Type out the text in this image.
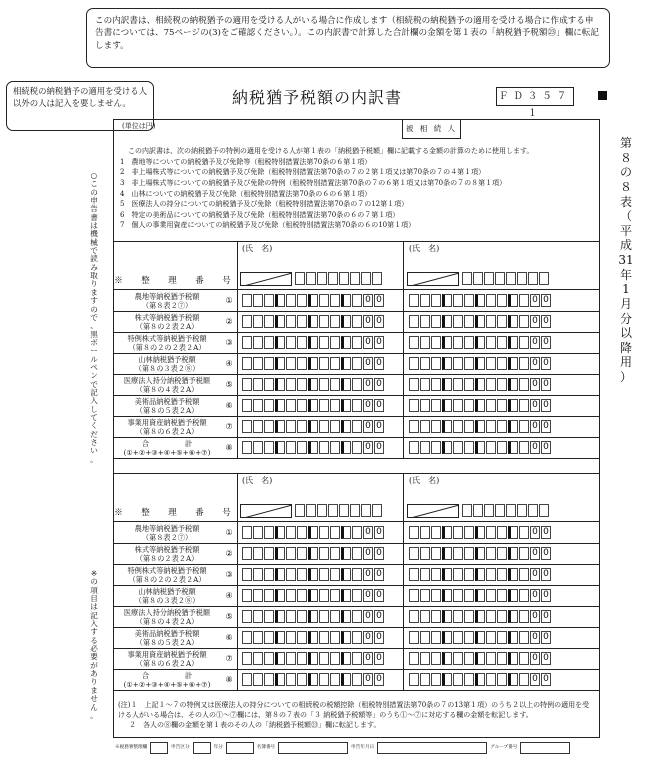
この内訳書は、相続税の納税猶予の適用を受ける人がいる場合に作成します（相続税の納税猶予の適用を受ける場合に作成する申告書については、75ページの(3)をご確認ください。）。この内訳書で計算した合計欄の金額を第１表の「納税猶予税額㉓」欄に転記します。
相続税の納税猶予の適用を受ける人以外の人は記入を要しません。	納税猶予税額の内訳書	ＦＤ３５７１
第
８
の
８
表
（
平
成
31
年
1
月
分
以
降
用
）
○
こ
の
申
告
書
は
機
械
で
読
み
取
り
ま
す
の
で
、
黒
ボ
ー
ル
ペ
ン
で
記
入
し
て
く
だ
さ
い
。
※
の
項
目
は
記
入
す
る
必
要
が
あ
り
ま
せ
ん
。
(単位は円)	被 相 続 人
この内訳書は、次の納税猶予の特例の適用を受ける人が第１表の「納税猶予税額」欄に記載する金額の計算のために使用します。
1　農地等についての納税猶予及び免除等（租税特別措置法第70条の６第１項）
2　非上場株式等についての納税猶予及び免除（租税特別措置法第70条の７の２第１項又は第70条の７の４第１項）
3　非上場株式等についての納税猶予及び免除の特例（租税特別措置法第70条の７の６第１項又は第70条の７の８第１項）
4　山林についての納税猶予及び免除（租税特別措置法第70条の６の６第１項）
5　医療法人の持分についての納税猶予及び免除（租税特別措置法第70条の７の12第１項）
6　特定の美術品についての納税猶予及び免除（租税特別措置法第70条の６の７第１項）
7　個人の事業用資産についての納税猶予及び免除（租税特別措置法第70条の６の10第１項）
(氏　名)	(氏　名)
※　整　理　番　号
農地等納税猶予税額
（第８表２⑦）
①	0 0	0 0
株式等納税猶予税額
（第８の２表２A）
②	0 0	0 0
特例株式等納税猶予税額
（第８の２の２表２A）
③	0 0	0 0
山林納税猶予税額
（第８の３表２⑧）
④	0 0	0 0
医療法人持分納税猶予税額
（第８の４表２A）
⑤	0 0	0 0
美術品納税猶予税額
（第８の５表２A）
⑥	0 0	0 0
事業用資産納税猶予税額
（第８の６表２A）
⑦	0 0	0 0
合　　　　　計
(①+②+③+④+⑤+⑥+⑦)
⑧	0 0	0 0
(氏　名)	(氏　名)
※　整　理　番　号
農地等納税猶予税額
（第８表２⑦）
①	0 0	0 0
株式等納税猶予税額
（第８の２表２A）
②	0 0	0 0
特例株式等納税猶予税額
（第８の２の２表２A）
③	0 0	0 0
山林納税猶予税額
（第８の３表２⑧）
④	0 0	0 0
医療法人持分納税猶予税額
（第８の４表２A）
⑤	0 0	0 0
美術品納税猶予税額
（第８の５表２A）
⑥	0 0	0 0
事業用資産納税猶予税額
（第８の６表２A）
⑦	0 0	0 0
合　　　　　計
(①+②+③+④+⑤+⑥+⑦)
⑧	0 0	0 0
(注)１　上記１～７の特例又は医療法人の持分についての相続税の税額控除（租税特別措置法第70条の７の13第１項）のうち２以上の特例の適用を受ける人がいる場合は、その人の①～⑦欄には、第８の７表の「３ 納税猶予税額等」のうち①～⑦に対応する欄の金額を転記します。
２　各人の⑧欄の金額を第１表のその人の「納税猶予税額㉓」欄に転記します。
※税務署整理欄	申告区分	年分	名簿番号	申告年月日	グループ番号
